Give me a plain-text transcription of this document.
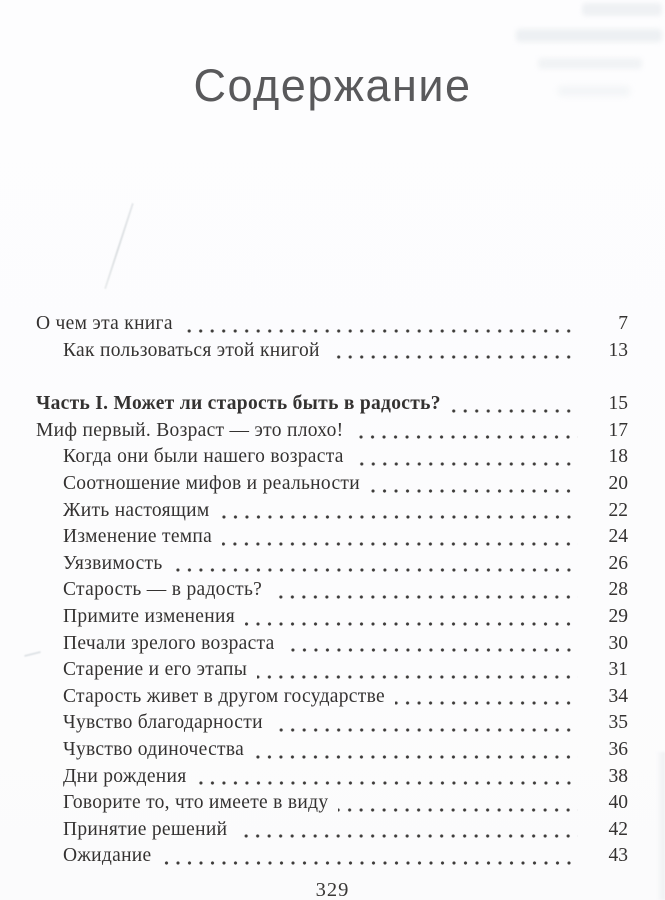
Содержание
О чем эта книга	7
Как пользоваться этой книгой	13
Часть I. Может ли старость быть в радость?	15
Миф первый. Возраст — это плохо!	17
Когда они были нашего возраста	18
Соотношение мифов и реальности	20
Жить настоящим	22
Изменение темпа	24
Уязвимость	26
Старость — в радость?	28
Примите изменения	29
Печали зрелого возраста	30
Старение и его этапы	31
Старость живет в другом государстве	34
Чувство благодарности	35
Чувство одиночества	36
Дни рождения	38
Говорите то, что имеете в виду	40
Принятие решений	42
Ожидание	43
329
